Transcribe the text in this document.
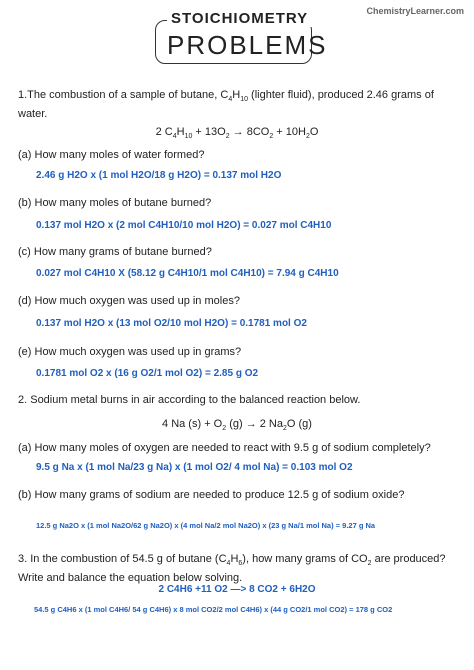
ChemistryLearner.com
STOICHIOMETRY
PROBLEMS
1.The combustion of a sample of butane, $C_4H_{10}$ (lighter fluid), produced 2.46 grams of
water.
2 $C_4H_{10} + 13O_2 \to 8CO_2 + 10H_2O$
(a) How many moles of water formed?
2.46 g H2O x (1 mol H2O/18 g H2O) = 0.137 mol H2O
(b) How many moles of butane burned?
0.137 mol H2O x (2 mol C4H10/10 mol H2O) = 0.027 mol C4H10
(c) How many grams of butane burned?
0.027 mol C4H10 X (58.12 g C4H10/1 mol C4H10) = 7.94 g C4H10
(d) How much oxygen was used up in moles?
0.137 mol H2O x (13 mol O2/10 mol H2O) = 0.1781 mol O2
(e) How much oxygen was used up in grams?
0.1781 mol O2 x (16 g O2/1 mol O2) = 2.85 g O2
2. Sodium metal burns in air according to the balanced reaction below.
4 Na $(s) + O_2$ (g) → 2 $Na_2O$ (g)
(a) How many moles of oxygen are needed to react with 9.5 g of sodium completely?
9.5 g Na x (1 mol Na/23 g Na) x (1 mol O2/ 4 mol Na) = 0.103 mol O2
(b) How many grams of sodium are needed to produce 12.5 g of sodium oxide?
12.5 g Na2O x (1 mol Na2O/62 g Na2O) x (4 mol Na/2 mol Na2O) x (23 g Na/1 mol Na) = 9.27 g Na
3. In the combustion of 54.5 g of butane $(C_4H_6)$, how many grams of $CO_2$ are produced?
Write and balance the equation below solving.
2 C4H6 +11 O2 —> 8 CO2 + 6H2O
54.5 g C4H6 x (1 mol C4H6/ 54 g C4H6) x 8 mol CO2/2 mol C4H6) x (44 g CO2/1 mol CO2) = 178 g CO2
